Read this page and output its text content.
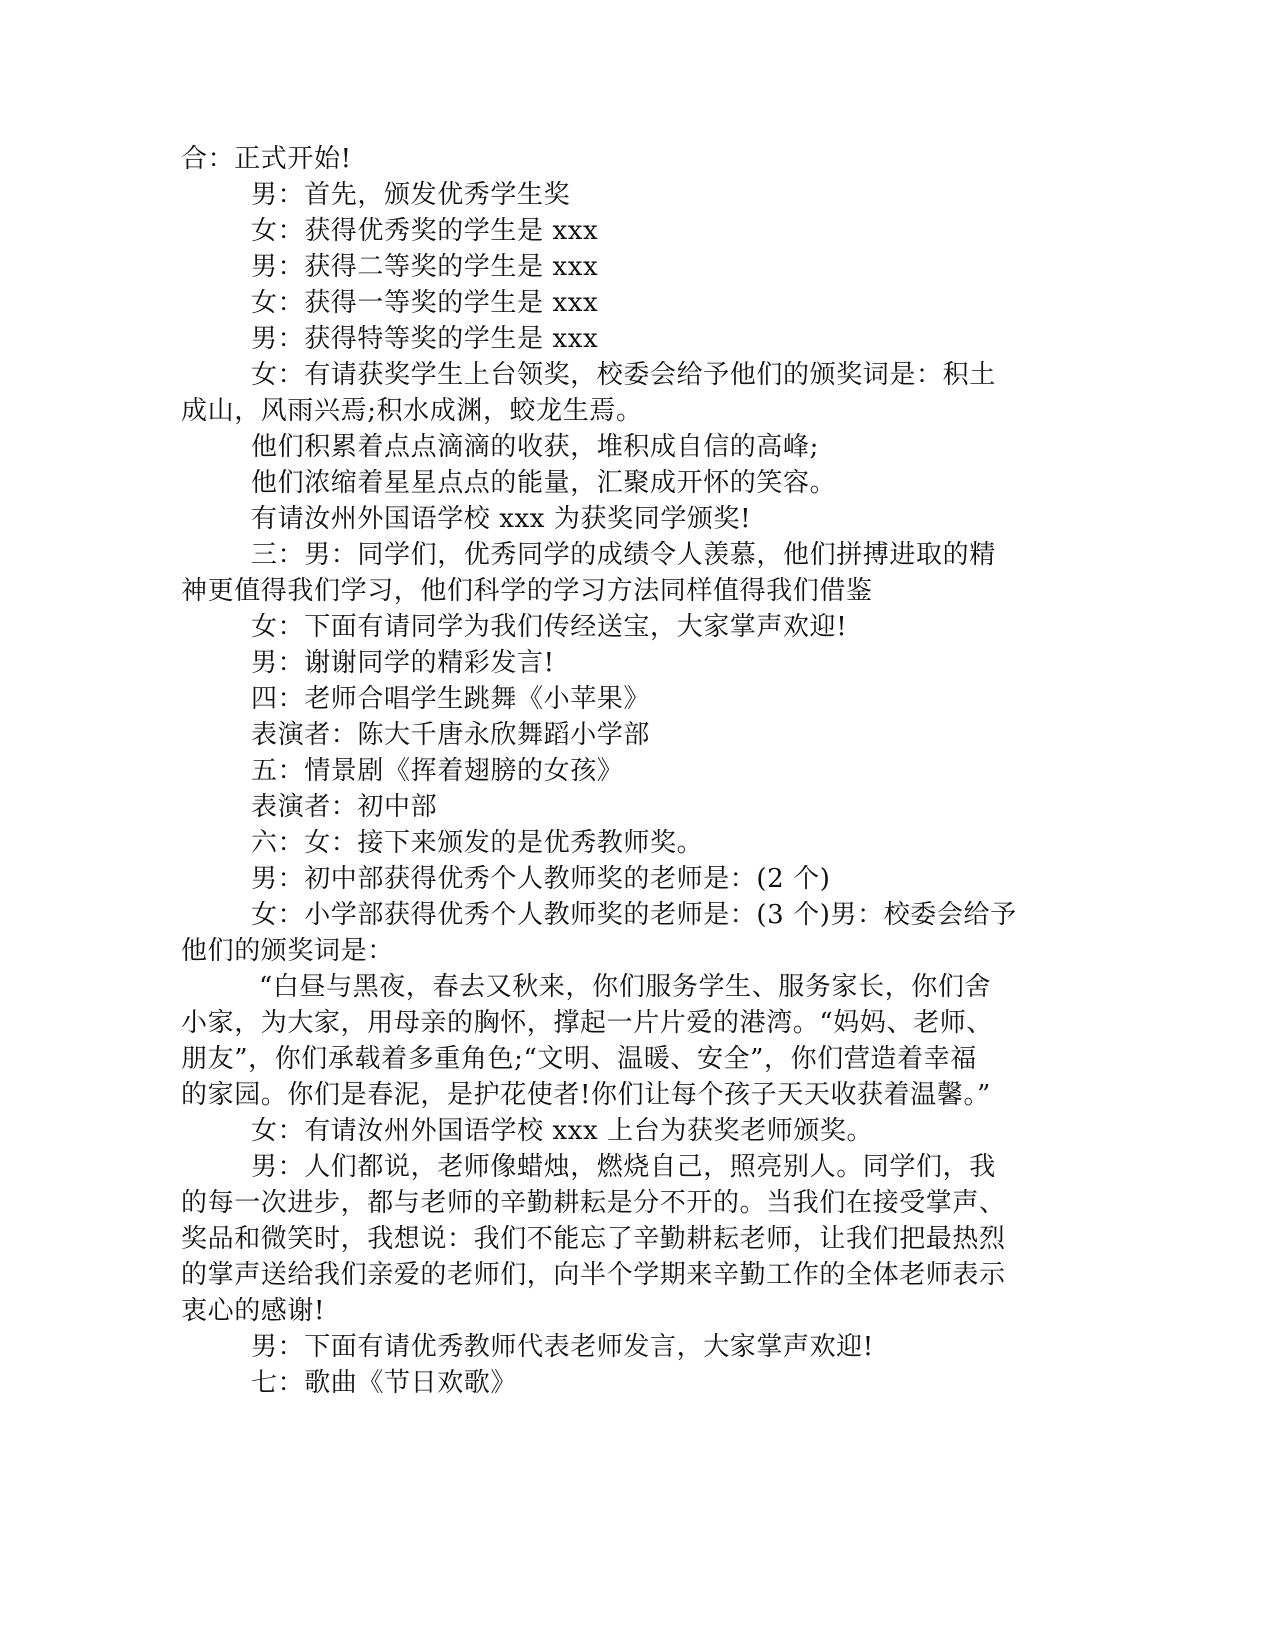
合：正式开始!
男：首先，颁发优秀学生奖
女：获得优秀奖的学生是 xxx
男：获得二等奖的学生是 xxx
女：获得一等奖的学生是 xxx
男：获得特等奖的学生是 xxx
女：有请获奖学生上台领奖，校委会给予他们的颁奖词是：积土
成山，风雨兴焉;积水成渊，蛟龙生焉。
他们积累着点点滴滴的收获，堆积成自信的高峰;
他们浓缩着星星点点的能量，汇聚成开怀的笑容。
有请汝州外国语学校 xxx 为获奖同学颁奖!
三：男：同学们，优秀同学的成绩令人羡慕，他们拼搏进取的精
神更值得我们学习，他们科学的学习方法同样值得我们借鉴
女：下面有请同学为我们传经送宝，大家掌声欢迎!
男：谢谢同学的精彩发言!
四：老师合唱学生跳舞《小苹果》
表演者：陈大千唐永欣舞蹈小学部
五：情景剧《挥着翅膀的女孩》
表演者：初中部
六：女：接下来颁发的是优秀教师奖。
男：初中部获得优秀个人教师奖的老师是：(2 个)
女：小学部获得优秀个人教师奖的老师是：(3 个)男：校委会给予
他们的颁奖词是：
“白昼与黑夜，春去又秋来，你们服务学生、服务家长，你们舍
小家，为大家，用母亲的胸怀，撑起一片片爱的港湾。“妈妈、老师、
朋友”，你们承载着多重角色;“文明、温暖、安全”，你们营造着幸福
的家园。你们是春泥，是护花使者!你们让每个孩子天天收获着温馨。”
女：有请汝州外国语学校 xxx 上台为获奖老师颁奖。
男：人们都说，老师像蜡烛，燃烧自己，照亮别人。同学们，我
的每一次进步，都与老师的辛勤耕耘是分不开的。当我们在接受掌声、
奖品和微笑时，我想说：我们不能忘了辛勤耕耘老师，让我们把最热烈
的掌声送给我们亲爱的老师们，向半个学期来辛勤工作的全体老师表示
衷心的感谢!
男：下面有请优秀教师代表老师发言，大家掌声欢迎!
七：歌曲《节日欢歌》
